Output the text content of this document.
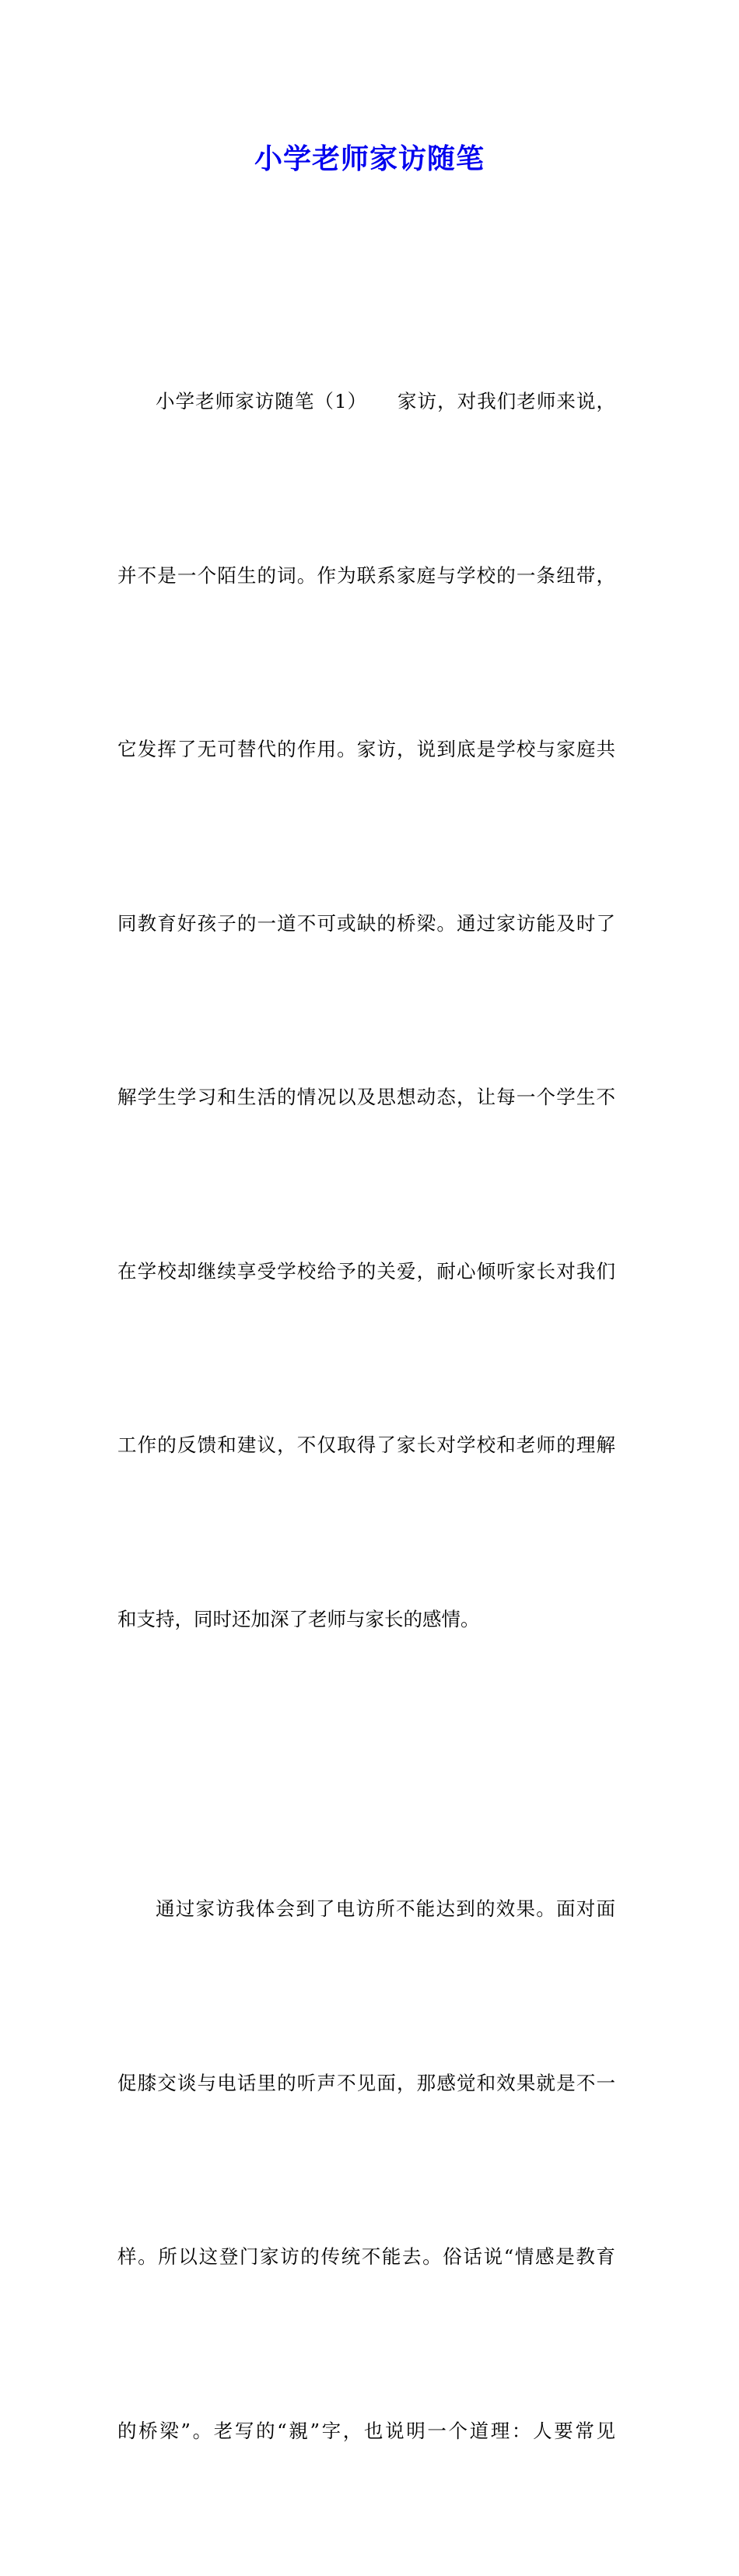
小学老师家访随笔

小学老师家访随笔（1）　　家访，对我们老师来说，

并不是一个陌生的词。作为联系家庭与学校的一条纽带，

它发挥了无可替代的作用。家访，说到底是学校与家庭共

同教育好孩子的一道不可或缺的桥梁。通过家访能及时了

解学生学习和生活的情况以及思想动态，让每一个学生不

在学校却继续享受学校给予的关爱，耐心倾听家长对我们

工作的反馈和建议，不仅取得了家长对学校和老师的理解

和支持，同时还加深了老师与家长的感情。

通过家访我体会到了电访所不能达到的效果。面对面

促膝交谈与电话里的听声不见面，那感觉和效果就是不一

样。所以这登门家访的传统不能去。俗话说“情感是教育

的桥梁”。老写的“親”字，也说明一个道理：人要常见
